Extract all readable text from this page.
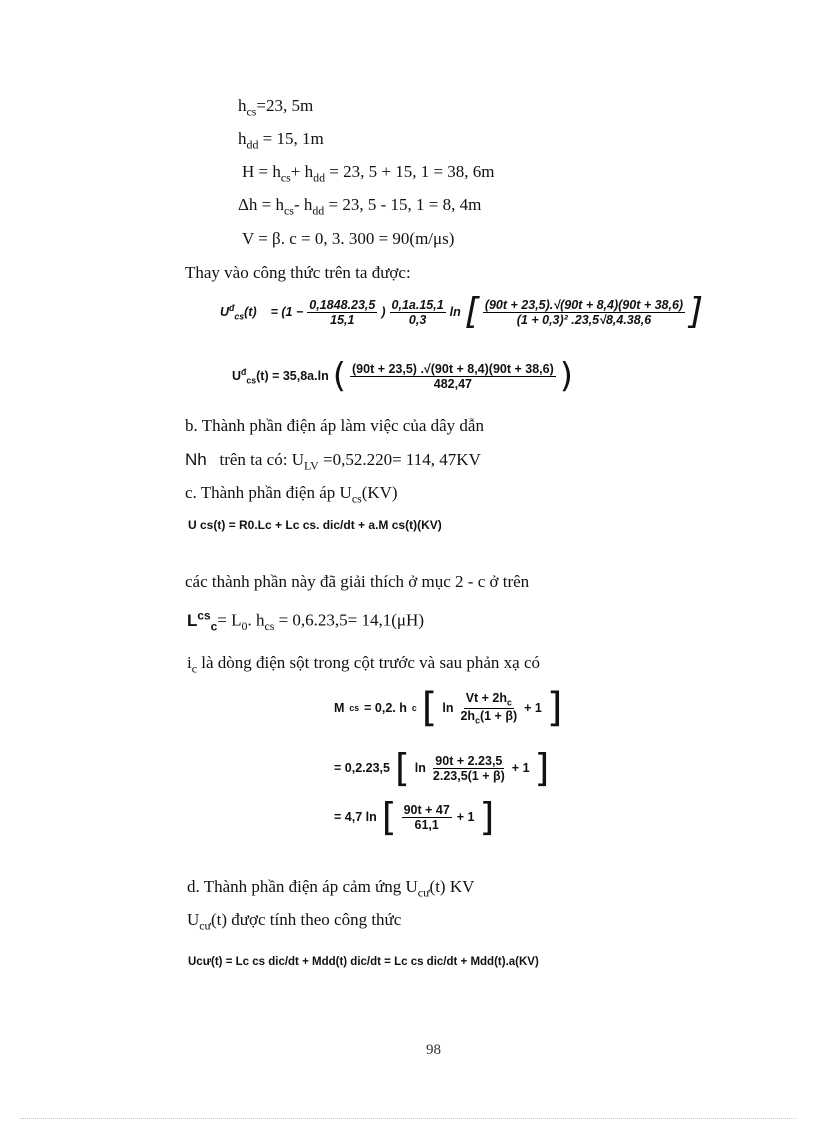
$h_{cs}=23$, 5m
$h_{dd} = 15$, 1m
$H = h_{cs}+ h_{dd} = 23$, 5 + 15, 1 = 38, 6m
$\Delta h = h_{cs}-$ $h_{dd} = 23$, 5 - 15, 1 = 8, 4m
V = β. c = 0, 3. 300 = 90(m/μs)
Thay vào công thức trên ta được:
$U^đ_{cs}(t) = (1 - \frac{0,1848.23,5}{15,1}$ ) $\frac{0,1a.15,1}{0,3}$ ln [ $\frac{(90t + 23,5).√(90t + 8,4)(90t + 38,6)}{\text{(1 + 0,3)² .23,5√8,4.38,6}}$ ]
$U^đ_{cs}(t) = 35,8a.\ln$ ( $\frac{(90t + 23,5) .√(90t + 8,4)(90t + 38,6)}{482,47}$ )
b. Thành phần điện áp làm việc của dây dẫn
Nh trên ta có: $U_{LV} =0,52.220= 114$, 47KV
c. Thành phần điện áp $U_{cs}(KV)$
U cs(t) = R0.Lc + Lc cs. dic/dt + a.M cs(t)(KV)
các thành phần này đã giải thích ở mục 2 - c ở trên
$L^{cs}_c= L_0$. $h_{cs} = 0,6.23,5= 14,1(\mu H)$
$i_c$ là dòng điện sột trong cột trước và sau phản xạ có
M cs = 0,2. h c [ $\ln \frac{Vt + 2h_c}{2h_c(1 + \beta)} + 1$ ]
= 0,2.23,5 [ $\ln \frac{90t + 2.23,5}{2.23,5(1 + \beta)} + 1$ ]
= 4,7 ln [ $\frac{90t + 47}{61,1} + 1$ ]
d. Thành phần điện áp cảm ứng $U_{cư}(t)$ KV
$U_{cư}(t)$ được tính theo công thức
Ucư(t) = Lc cs dic/dt + Mdd(t) dic/dt = Lc cs dic/dt + Mdd(t).a(KV)
98
